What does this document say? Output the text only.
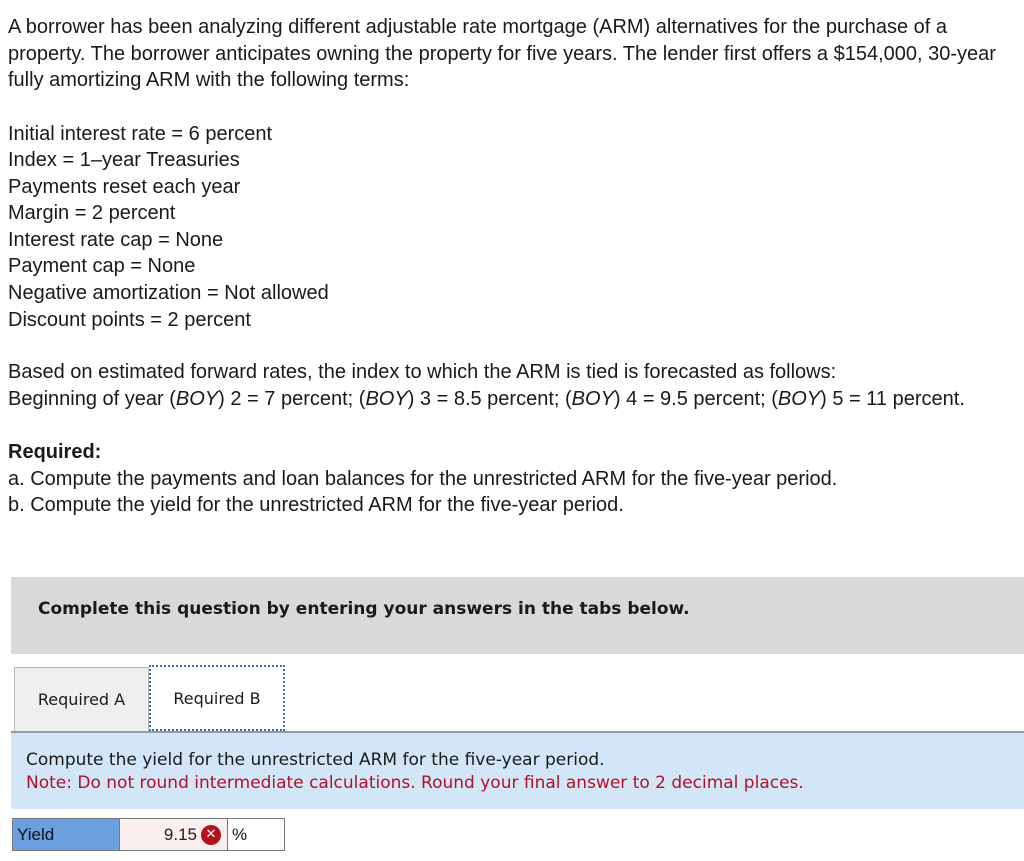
A borrower has been analyzing different adjustable rate mortgage (ARM) alternatives for the purchase of a property. The borrower anticipates owning the property for five years. The lender first offers a $154,000, 30-year fully amortizing ARM with the following terms:

Initial interest rate = 6 percent
Index = 1–year Treasuries
Payments reset each year
Margin = 2 percent
Interest rate cap = None
Payment cap = None
Negative amortization = Not allowed
Discount points = 2 percent
Based on estimated forward rates, the index to which the ARM is tied is forecasted as follows:
Beginning of year (BOY) 2 = 7 percent; (BOY) 3 = 8.5 percent; (BOY) 4 = 9.5 percent; (BOY) 5 = 11 percent.
Required:
a. Compute the payments and loan balances for the unrestricted ARM for the five-year period.
b. Compute the yield for the unrestricted ARM for the five-year period.
Complete this question by entering your answers in the tabs below.
Required A	Required B
Compute the yield for the unrestricted ARM for the five-year period.
Note: Do not round intermediate calculations. Round your final answer to 2 decimal places.
Yield	9.15 ✕ %
